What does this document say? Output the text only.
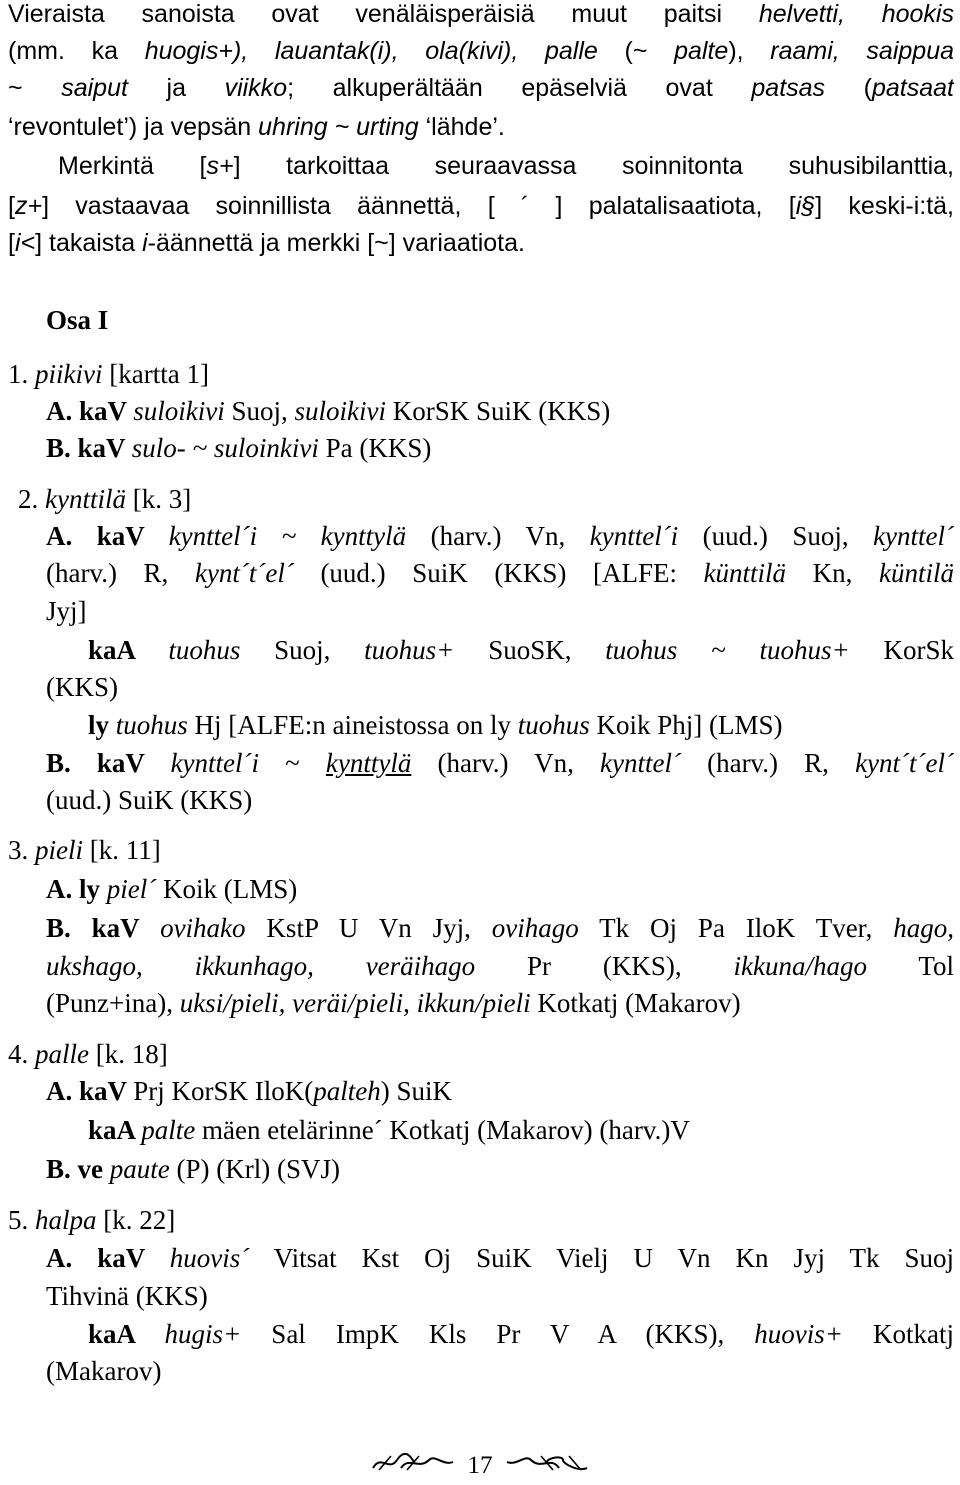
Vieraista sanoista ovat venäläisperäisiä muut paitsi helvetti, hookis
(mm. ka huogis+), lauantak(i), ola(kivi), palle (~ palte), raami, saippua
~ saiput ja viikko; alkuperältään epäselviä ovat patsas (patsaat
‘revontulet’) ja vepsän uhring ~ urting ‘lähde’.
Merkintä [s+] tarkoittaa seuraavassa soinnitonta suhusibilanttia,
[z+] vastaavaa soinnillista äännettä, [ ´ ] palatalisaatiota, [i§] keski-i:tä,
[i<] takaista i-äännettä ja merkki [~] variaatiota.
Osa I
1. piikivi [kartta 1]
A. kaV suloikivi Suoj, suloikivi KorSK SuiK (KKS)
B. kaV sulo- ~ suloinkivi Pa (KKS)
2. kynttilä [k. 3]
A. kaV kynttel´i ~ kynttylä (harv.) Vn, kynttel´i (uud.) Suoj, kynttel´
(harv.) R, kynt´t´el´ (uud.) SuiK (KKS) [ALFE: künttilä Kn, küntilä
Jyj]
kaA tuohus Suoj, tuohus+ SuoSK, tuohus ~ tuohus+ KorSk
(KKS)
ly tuohus Hj [ALFE:n aineistossa on ly tuohus Koik Phj] (LMS)
B. kaV kynttel´i ~ kynttylä (harv.) Vn, kynttel´ (harv.) R, kynt´t´el´
(uud.) SuiK (KKS)
3. pieli [k. 11]
A. ly piel´ Koik (LMS)
B. kaV ovihako KstP U Vn Jyj, ovihago Tk Oj Pa IloK Tver, hago,
ukshago, ikkunhago, veräihago Pr (KKS), ikkuna/hago Tol
(Punz+ina), uksi/pieli, veräi/pieli, ikkun/pieli Kotkatj (Makarov)
4. palle [k. 18]
A. kaV Prj KorSK IloK(palteh) SuiK
kaA palte mäen etelärinne´ Kotkatj (Makarov) (harv.)V
B. ve paute (P) (Krl) (SVJ)
5. halpa [k. 22]
A. kaV huovis´ Vitsat Kst Oj SuiK Vielj U Vn Kn Jyj Tk Suoj
Tihvinä (KKS)
kaA hugis+ Sal ImpK Kls Pr V A (KKS), huovis+ Kotkatj
(Makarov)
17
